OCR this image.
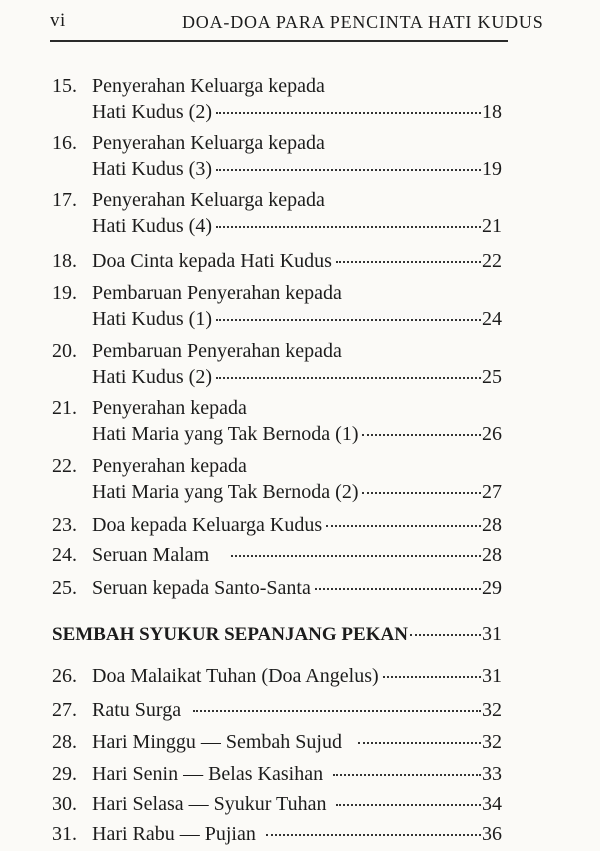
vi	DOA-DOA PARA PENCINTA HATI KUDUS
15. Penyerahan Keluarga kepada
Hati Kudus (2)	18
16. Penyerahan Keluarga kepada
Hati Kudus (3)	19
17. Penyerahan Keluarga kepada
Hati Kudus (4)	21
18. Doa Cinta kepada Hati Kudus	22
19. Pembaruan Penyerahan kepada
Hati Kudus (1)	24
20. Pembaruan Penyerahan kepada
Hati Kudus (2)	25
21. Penyerahan kepada
Hati Maria yang Tak Bernoda (1)	26
22. Penyerahan kepada
Hati Maria yang Tak Bernoda (2)	27
23. Doa kepada Keluarga Kudus	28
24. Seruan Malam	28
25. Seruan kepada Santo-Santa	29
SEMBAH SYUKUR SEPANJANG PEKAN	31
26. Doa Malaikat Tuhan (Doa Angelus)	31
27. Ratu Surga	32
28. Hari Minggu — Sembah Sujud	32
29. Hari Senin — Belas Kasihan	33
30. Hari Selasa — Syukur Tuhan	34
31. Hari Rabu — Pujian	36
